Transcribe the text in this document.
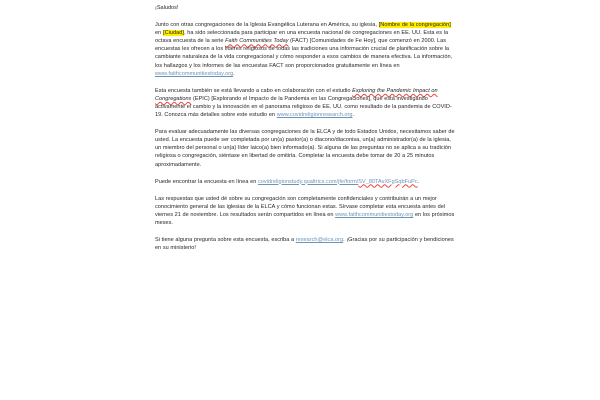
¡Saludos!

Junto con otras congregaciones de la Iglesia Evangélica Luterana en América, su iglesia, [Nombre de la congregación] en [Ciudad], ha sido seleccionada para participar en una encuesta nacional de congregaciones en EE. UU. Esta es la octava encuesta de la serie Faith Communities Today (FACT) [Comunidades de Fe Hoy], que comenzó en 2000. Las encuestas les ofrecen a los líderes religiosos de todas las tradiciones una información crucial de planificación sobre la cambiante naturaleza de la vida congregacional y cómo responder a esos cambios de manera efectiva. La información, los hallazgos y los informes de las encuestas FACT son proporcionados gratuitamente en línea en www.faithcommunitiestoday.org.

Esta encuesta también se está llevando a cabo en colaboración con el estudio Exploring the Pandemic Impact on Congregations (EPIC) [Explorando el Impacto de la Pandemia en las Congregaciones], que está investigando activamente el cambio y la innovación en el panorama religioso de EE. UU. como resultado de la pandemia de COVID-19. Conozca más detalles sobre este estudio en www.covidreligionresearch.org.

Para evaluar adecuadamente las diversas congregaciones de la ELCA y de todo Estados Unidos, necesitamos saber de usted. La encuesta puede ser completada por un(a) pastor(a) o diacono/diaconisa, un(a) administrador(a) de la iglesia, un miembro del personal o un(a) líder laico(a) bien informado(a). Si alguna de las preguntas no se aplica a su tradición religiosa o congregación, siéntase en libertad de omitirla. Completar la encuesta debe tomar de 20 a 25 minutos aproximadamente.

Puede encontrar la encuesta en línea en covidreligionstudy.qualtrics.com/jfe/form/SV_80TAvXFgSqbFuPc.

Las respuestas que usted dé sobre su congregación son completamente confidenciales y contribuirán a un mejor conocimiento general de las iglesias de la ELCA y cómo funcionan estas. Sírvase completar esta encuesta antes del viernes 21 de noviembre. Los resultados serán compartidos en línea en www.faithcommunitiestoday.org en los próximos meses.

Si tiene alguna pregunta sobre esta encuesta, escriba a research@elca.org. ¡Gracias por su participación y bendiciones en su ministerio!
